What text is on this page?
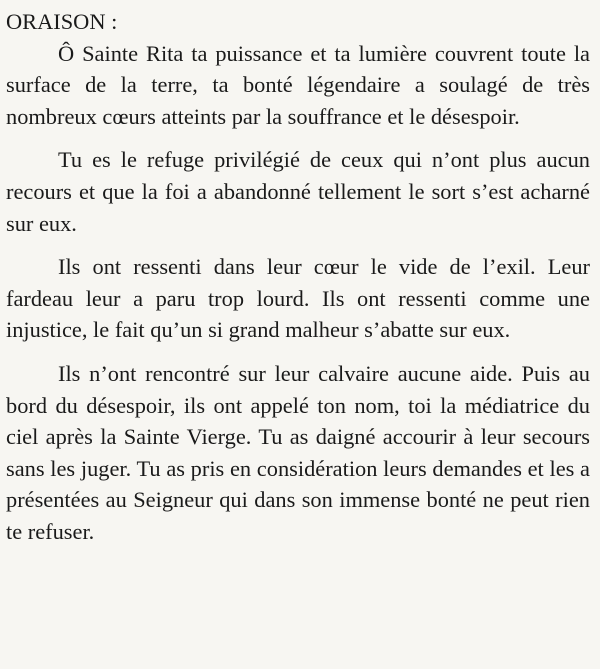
ORAISON :

Ô Sainte Rita ta puissance et ta lumière couvrent toute la surface de la terre, ta bonté légendaire a soulagé de très nombreux cœurs atteints par la souffrance et le désespoir.

Tu es le refuge privilégié de ceux qui n’ont plus aucun recours et que la foi a abandonné tellement le sort s’est acharné sur eux.

Ils ont ressenti dans leur cœur le vide de l’exil. Leur fardeau leur a paru trop lourd. Ils ont ressenti comme une injustice, le fait qu’un si grand malheur s’abatte sur eux.

Ils n’ont rencontré sur leur calvaire aucune aide. Puis au bord du désespoir, ils ont appelé ton nom, toi la médiatrice du ciel après la Sainte Vierge. Tu as daigné accourir à leur secours sans les juger. Tu as pris en considération leurs demandes et les a présentées au Seigneur qui dans son immense bonté ne peut rien te refuser.
